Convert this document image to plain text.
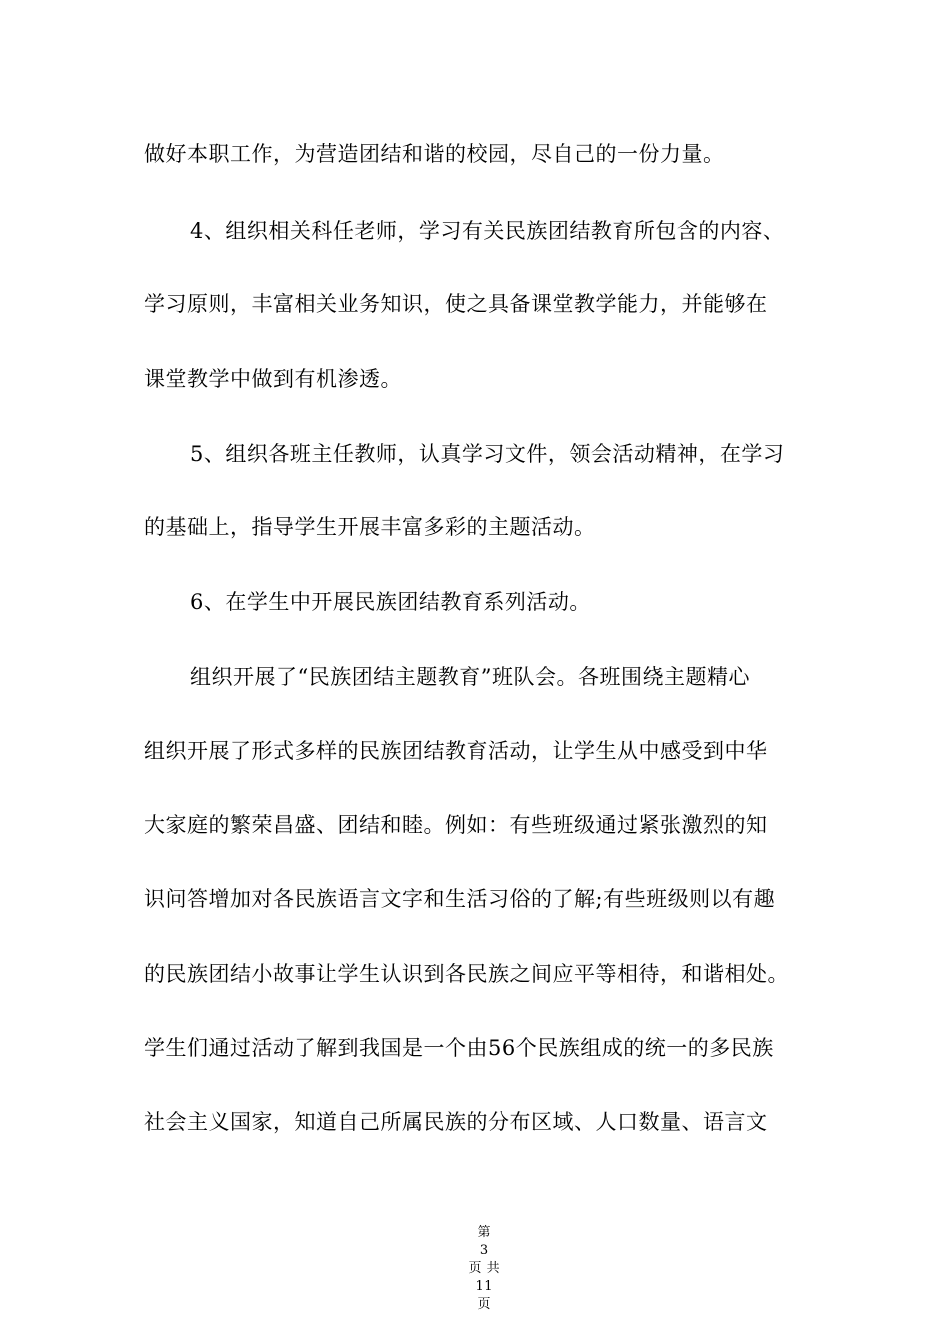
做好本职工作，为营造团结和谐的校园，尽自己的一份力量。

4、组织相关科任老师，学习有关民族团结教育所包含的内容、

学习原则，丰富相关业务知识，使之具备课堂教学能力，并能够在

课堂教学中做到有机渗透。

5、组织各班主任教师，认真学习文件，领会活动精神，在学习

的基础上，指导学生开展丰富多彩的主题活动。

6、在学生中开展民族团结教育系列活动。

组织开展了“民族团结主题教育”班队会。各班围绕主题精心

组织开展了形式多样的民族团结教育活动，让学生从中感受到中华

大家庭的繁荣昌盛、团结和睦。例如：有些班级通过紧张激烈的知

识问答增加对各民族语言文字和生活习俗的了解;有些班级则以有趣

的民族团结小故事让学生认识到各民族之间应平等相待，和谐相处。

学生们通过活动了解到我国是一个由56个民族组成的统一的多民族

社会主义国家，知道自己所属民族的分布区域、人口数量、语言文

第
3
页 共
11
页
